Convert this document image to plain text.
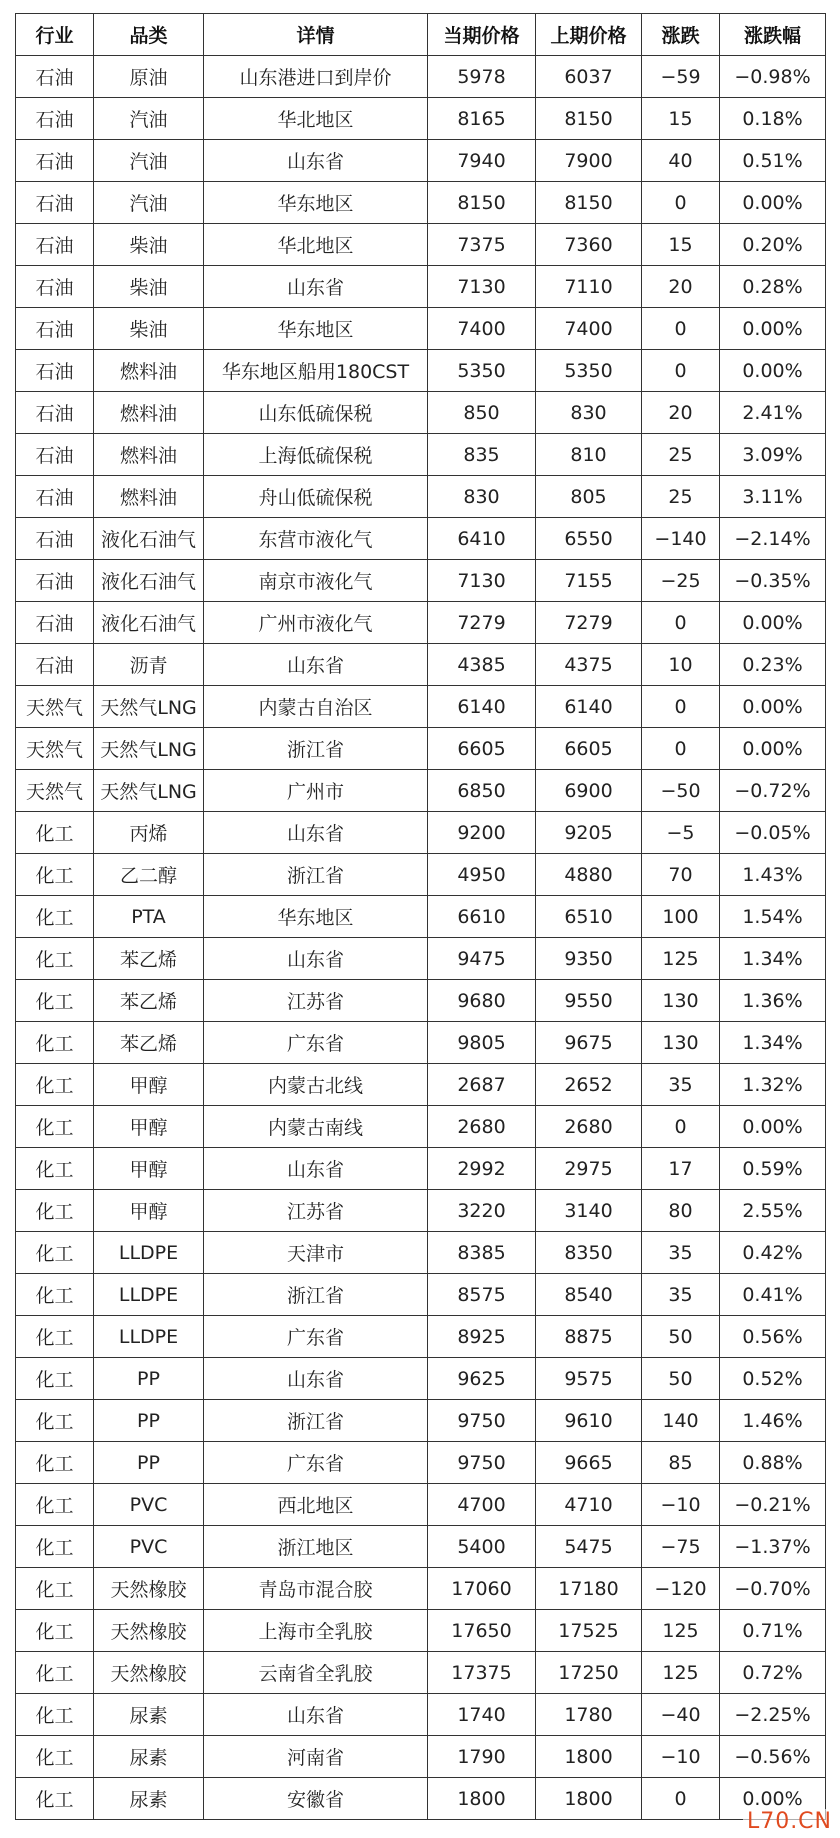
行业	品类	详情	当期价格	上期价格	涨跌	涨跌幅
石油	原油	山东港进口到岸价	5978	6037	−59	−0.98%
石油	汽油	华北地区	8165	8150	15	0.18%
石油	汽油	山东省	7940	7900	40	0.51%
石油	汽油	华东地区	8150	8150	0	0.00%
石油	柴油	华北地区	7375	7360	15	0.20%
石油	柴油	山东省	7130	7110	20	0.28%
石油	柴油	华东地区	7400	7400	0	0.00%
石油	燃料油	华东地区船用180CST	5350	5350	0	0.00%
石油	燃料油	山东低硫保税	850	830	20	2.41%
石油	燃料油	上海低硫保税	835	810	25	3.09%
石油	燃料油	舟山低硫保税	830	805	25	3.11%
石油	液化石油气	东营市液化气	6410	6550	−140	−2.14%
石油	液化石油气	南京市液化气	7130	7155	−25	−0.35%
石油	液化石油气	广州市液化气	7279	7279	0	0.00%
石油	沥青	山东省	4385	4375	10	0.23%
天然气	天然气LNG	内蒙古自治区	6140	6140	0	0.00%
天然气	天然气LNG	浙江省	6605	6605	0	0.00%
天然气	天然气LNG	广州市	6850	6900	−50	−0.72%
化工	丙烯	山东省	9200	9205	−5	−0.05%
化工	乙二醇	浙江省	4950	4880	70	1.43%
化工	PTA	华东地区	6610	6510	100	1.54%
化工	苯乙烯	山东省	9475	9350	125	1.34%
化工	苯乙烯	江苏省	9680	9550	130	1.36%
化工	苯乙烯	广东省	9805	9675	130	1.34%
化工	甲醇	内蒙古北线	2687	2652	35	1.32%
化工	甲醇	内蒙古南线	2680	2680	0	0.00%
化工	甲醇	山东省	2992	2975	17	0.59%
化工	甲醇	江苏省	3220	3140	80	2.55%
化工	LLDPE	天津市	8385	8350	35	0.42%
化工	LLDPE	浙江省	8575	8540	35	0.41%
化工	LLDPE	广东省	8925	8875	50	0.56%
化工	PP	山东省	9625	9575	50	0.52%
化工	PP	浙江省	9750	9610	140	1.46%
化工	PP	广东省	9750	9665	85	0.88%
化工	PVC	西北地区	4700	4710	−10	−0.21%
化工	PVC	浙江地区	5400	5475	−75	−1.37%
化工	天然橡胶	青岛市混合胶	17060	17180	−120	−0.70%
化工	天然橡胶	上海市全乳胶	17650	17525	125	0.71%
化工	天然橡胶	云南省全乳胶	17375	17250	125	0.72%
化工	尿素	山东省	1740	1780	−40	−2.25%
化工	尿素	河南省	1790	1800	−10	−0.56%
化工	尿素	安徽省	1800	1800	0	0.00%
L70.CN
